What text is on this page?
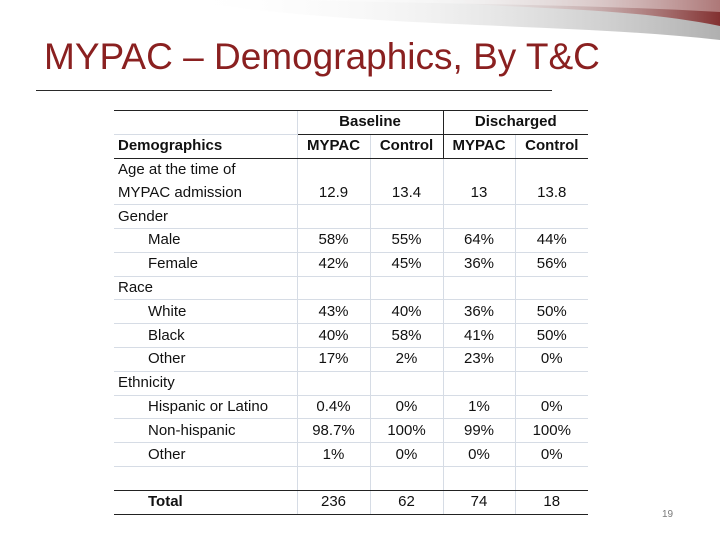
MYPAC – Demographics, By T&C
	Baseline		Discharged	
Demographics	MYPAC	Control	MYPAC	Control
Age at the time of				
MYPAC admission	12.9	13.4	13	13.8
Gender				
Male	58%	55%	64%	44%
Female	42%	45%	36%	56%
Race				
White	43%	40%	36%	50%
Black	40%	58%	41%	50%
Other	17%	2%	23%	0%
Ethnicity				
Hispanic or Latino	0.4%	0%	1%	0%
Non-hispanic	98.7%	100%	99%	100%
Other	1%	0%	0%	0%

Total	236	62	74	18
19
